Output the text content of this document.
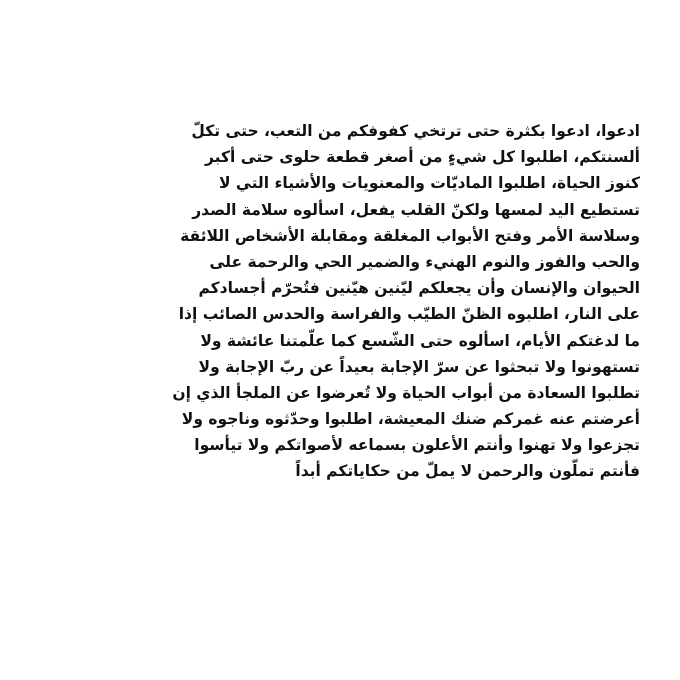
ادعوا، ادعوا بكثرة حتى ترتخي كفوفكم من التعب، حتى تكلّ
ألسنتكم، اطلبوا كل شيءٍ من أصغر قطعة حلوى حتى أكبر
كنوز الحياة، اطلبوا الماديّات والمعنويات والأشياء التي لا
تستطيع اليد لمسها ولكنّ القلب يفعل، اسألوه سلامة الصدر
وسلاسة الأمر وفتح الأبواب المغلقة ومقابلة الأشخاص اللائقة
والحب والفوز والنوم الهنيء والضمير الحي والرحمة على
الحيوان والإنسان وأن يجعلكم ليّنين هيّنين فتُحرّم أجسادكم
على النار، اطلبوه الظنّ الطيّب والفراسة والحدس الصائب إذا
ما لدغتكم الأيام، اسألوه حتى الشّسع كما علّمتنا عائشة ولا
تستهونوا ولا تبحثوا عن سرّ الإجابة بعيداً عن ربّ الإجابة ولا
تطلبوا السعادة من أبواب الحياة ولا تُعرضوا عن الملجأ الذي إن
أعرضتم عنه غمركم ضنك المعيشة، اطلبوا وحدّثوه وناجوه ولا
تجزعوا ولا تهنوا وأنتم الأعلون بسماعه لأصواتكم ولا تيأسوا
فأنتم تملّون والرحمن لا يملّ من حكاياتكم أبداً
